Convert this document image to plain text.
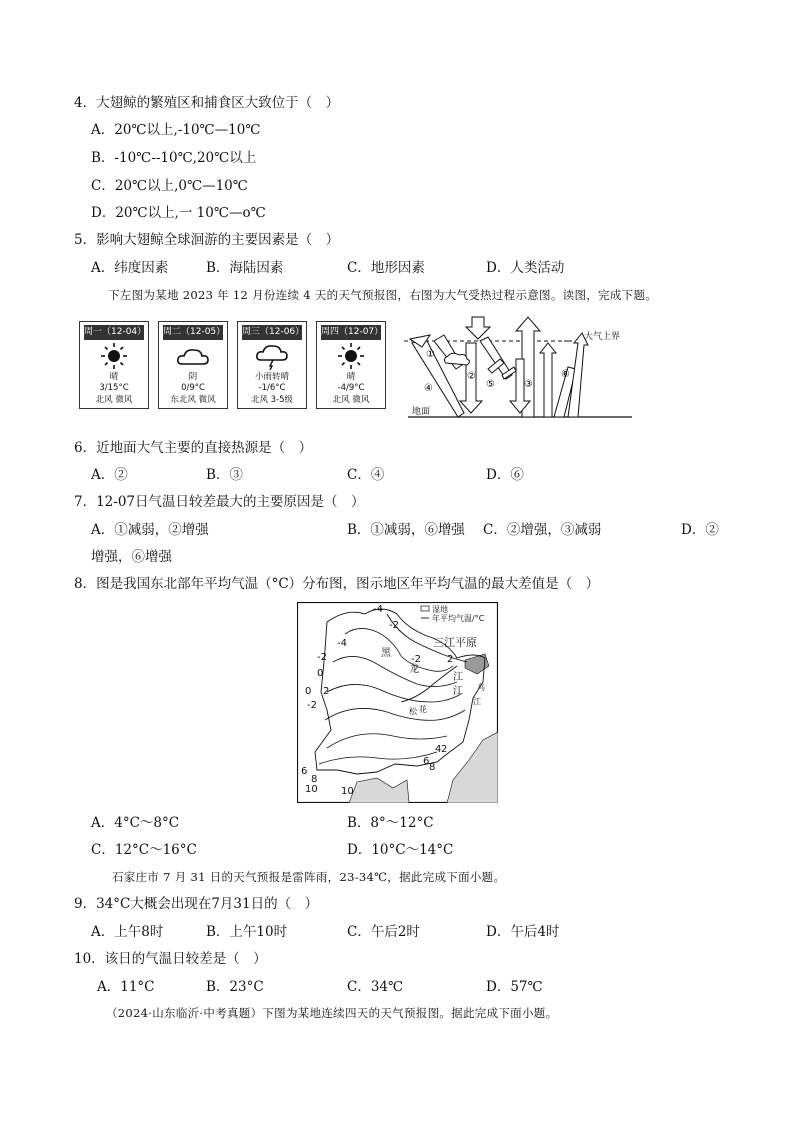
4．大翅鲸的繁殖区和捕食区大致位于（　）
A．20℃以上,-10℃—10℃
B．-10℃--10℃,20℃以上
C．20℃以上,0℃—10℃
D．20℃以上,一 10℃—o℃
5．影响大翅鲸全球洄游的主要因素是（　）
A．纬度因素	B．海陆因素	C．地形因素	D．人类活动
下左图为某地 2023 年 12 月份连续 4 天的天气预报图，右图为大气受热过程示意图。读图，完成下题。
周一（12-04）
晴
3/15°C
北风 微风
周二（12-05）
阴
0/9°C
东北风 微风
周三（12-06）
小雨转晴
-1/6°C
北风 3-5级
周四（12-07）
晴
-4/9°C
北风 微风
①
②
③
④	⑤
⑥
大气上界
地面
6．近地面大气主要的直接热源是（　）
A．②	B．③	C．④	D．⑥
7．12-07日气温日较差最大的主要原因是（　）
A．①减弱，②增强	B．①减弱，⑥增强 C．②增强，③减弱	D．②
增强，⑥增强
8．图是我国东北部年平均气温（°C）分布图，图示地区年平均气温的最大差值是（　）
湿地
年平均气温/°C
三江平原
黑
龙
江
松 花
江 乌
江
-4
-2
-2
-4
-2
0
2
2
0
-2
4
6
2
6
8
10
8
10
A．4°C～8°C	B．8°～12°C
C．12°C～16°C	D．10°C～14°C
石家庄市 7 月 31 日的天气预报是雷阵雨，23-34℃，据此完成下面小题。
9．34°C大概会出现在7月31日的（　）
A．上午8时	B．上午10时	C．午后2时	D．午后4时
10．该日的气温日较差是（　）
A．11°C	B．23°C	C．34℃	D．57℃
（2024·山东临沂·中考真题）下图为某地连续四天的天气预报图。据此完成下面小题。
